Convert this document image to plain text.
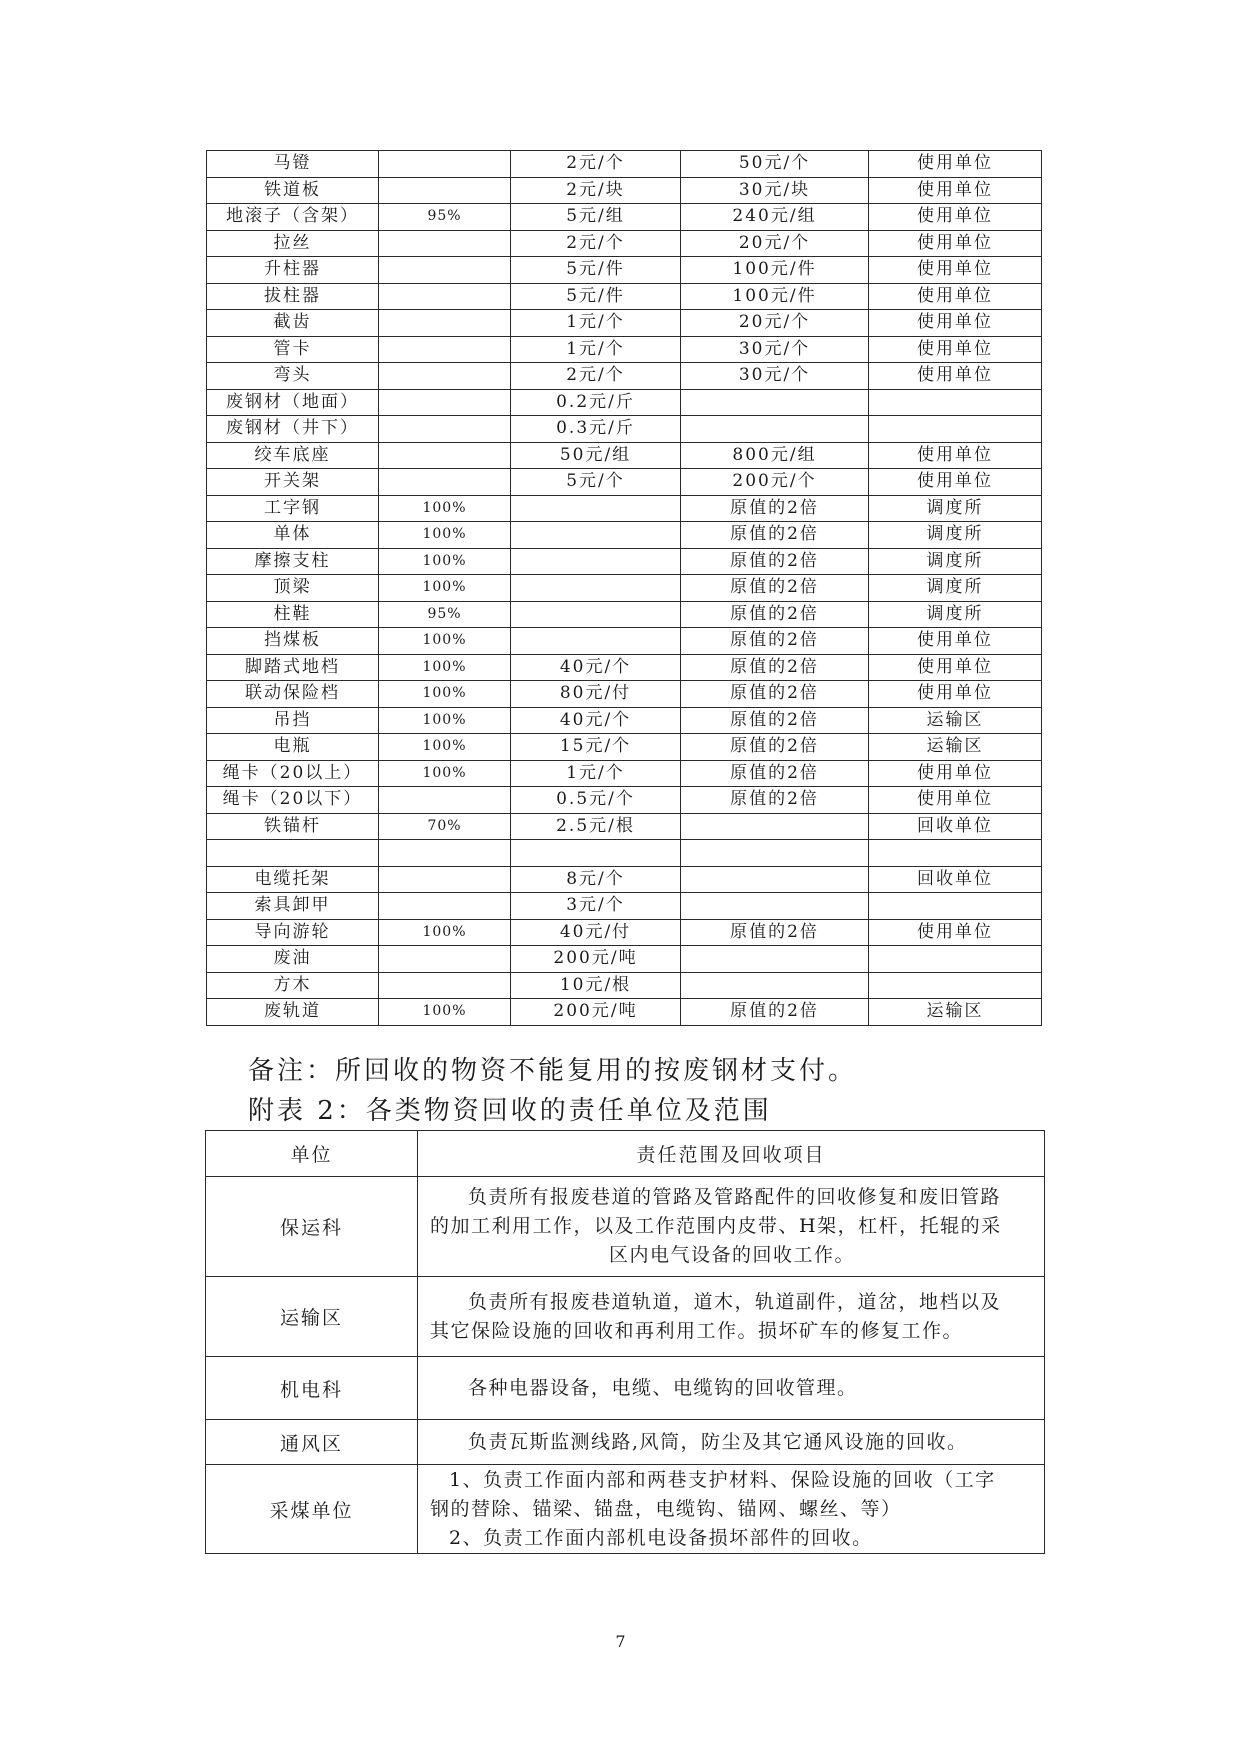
马镫		2元/个	50元/个	使用单位
铁道板		2元/块	30元/块	使用单位
地滚子（含架）	95%	5元/组	240元/组	使用单位
拉丝		2元/个	20元/个	使用单位
升柱器		5元/件	100元/件	使用单位
拔柱器		5元/件	100元/件	使用单位
截齿		1元/个	20元/个	使用单位
管卡		1元/个	30元/个	使用单位
弯头		2元/个	30元/个	使用单位
废钢材（地面）		0.2元/斤		
废钢材（井下）		0.3元/斤		
绞车底座		50元/组	800元/组	使用单位
开关架		5元/个	200元/个	使用单位
工字钢	100%		原值的2倍	调度所
单体	100%		原值的2倍	调度所
摩擦支柱	100%		原值的2倍	调度所
顶梁	100%		原值的2倍	调度所
柱鞋	95%		原值的2倍	调度所
挡煤板	100%		原值的2倍	使用单位
脚踏式地档	100%	40元/个	原值的2倍	使用单位
联动保险档	100%	80元/付	原值的2倍	使用单位
吊挡	100%	40元/个	原值的2倍	运输区
电瓶	100%	15元/个	原值的2倍	运输区
绳卡（20以上）	100%	1元/个	原值的2倍	使用单位
绳卡（20以下）		0.5元/个	原值的2倍	使用单位
铁锚杆	70%	2.5元/根		回收单位

电缆托架		8元/个		回收单位
索具卸甲		3元/个		
导向游轮	100%	40元/付	原值的2倍	使用单位
废油		200元/吨		
方木		10元/根		
废轨道	100%	200元/吨	原值的2倍	运输区
备注：所回收的物资不能复用的按废钢材支付。
附表 2：各类物资回收的责任单位及范围
单位	责任范围及回收项目
保运科	负责所有报废巷道的管路及管路配件的回收修复和废旧管路
的加工利用工作，以及工作范围内皮带、H架，杠杆，托辊的采
区内电气设备的回收工作。

运输区	负责所有报废巷道轨道，道木，轨道副件，道岔，地档以及
其它保险设施的回收和再利用工作。损坏矿车的修复工作。

机电科	各种电器设备，电缆、电缆钩的回收管理。

通风区	负责瓦斯监测线路,风筒，防尘及其它通风设施的回收。

采煤单位	1、负责工作面内部和两巷支护材料、保险设施的回收（工字
钢的替除、锚梁、锚盘，电缆钩、锚网、螺丝、等）
2、负责工作面内部机电设备损坏部件的回收。
7
